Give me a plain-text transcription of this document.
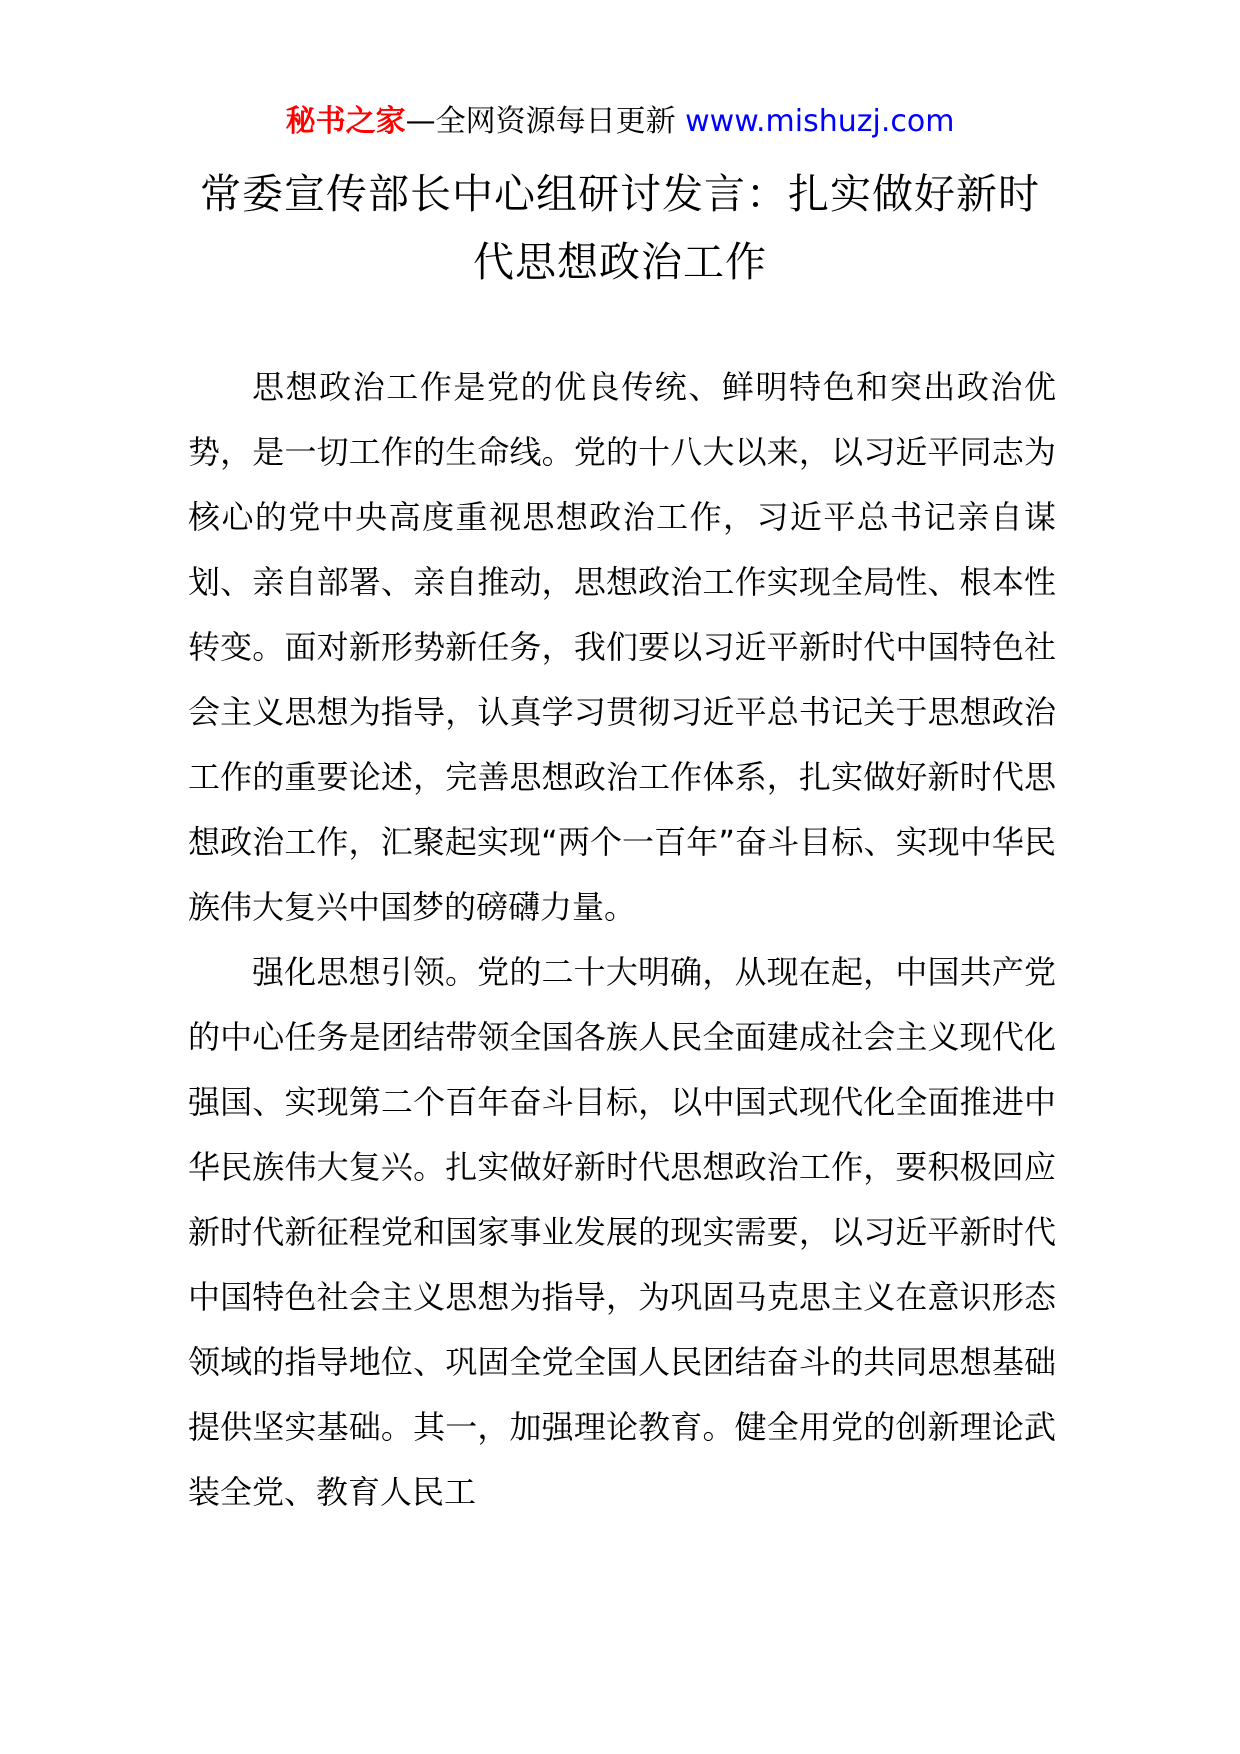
秘书之家—全网资源每日更新 www.mishuzj.com
常委宣传部长中心组研讨发言：扎实做好新时代思想政治工作

思想政治工作是党的优良传统、鲜明特色和突出政治优势，是一切工作的生命线。党的十八大以来，以习近平同志为核心的党中央高度重视思想政治工作，习近平总书记亲自谋划、亲自部署、亲自推动，思想政治工作实现全局性、根本性转变。面对新形势新任务，我们要以习近平新时代中国特色社会主义思想为指导，认真学习贯彻习近平总书记关于思想政治工作的重要论述，完善思想政治工作体系，扎实做好新时代思想政治工作，汇聚起实现“两个一百年”奋斗目标、实现中华民族伟大复兴中国梦的磅礴力量。

强化思想引领。党的二十大明确，从现在起，中国共产党的中心任务是团结带领全国各族人民全面建成社会主义现代化强国、实现第二个百年奋斗目标，以中国式现代化全面推进中华民族伟大复兴。扎实做好新时代思想政治工作，要积极回应新时代新征程党和国家事业发展的现实需要，以习近平新时代中国特色社会主义思想为指导，为巩固马克思主义在意识形态领域的指导地位、巩固全党全国人民团结奋斗的共同思想基础提供坚实基础。其一，加强理论教育。健全用党的创新理论武装全党、教育人民工
